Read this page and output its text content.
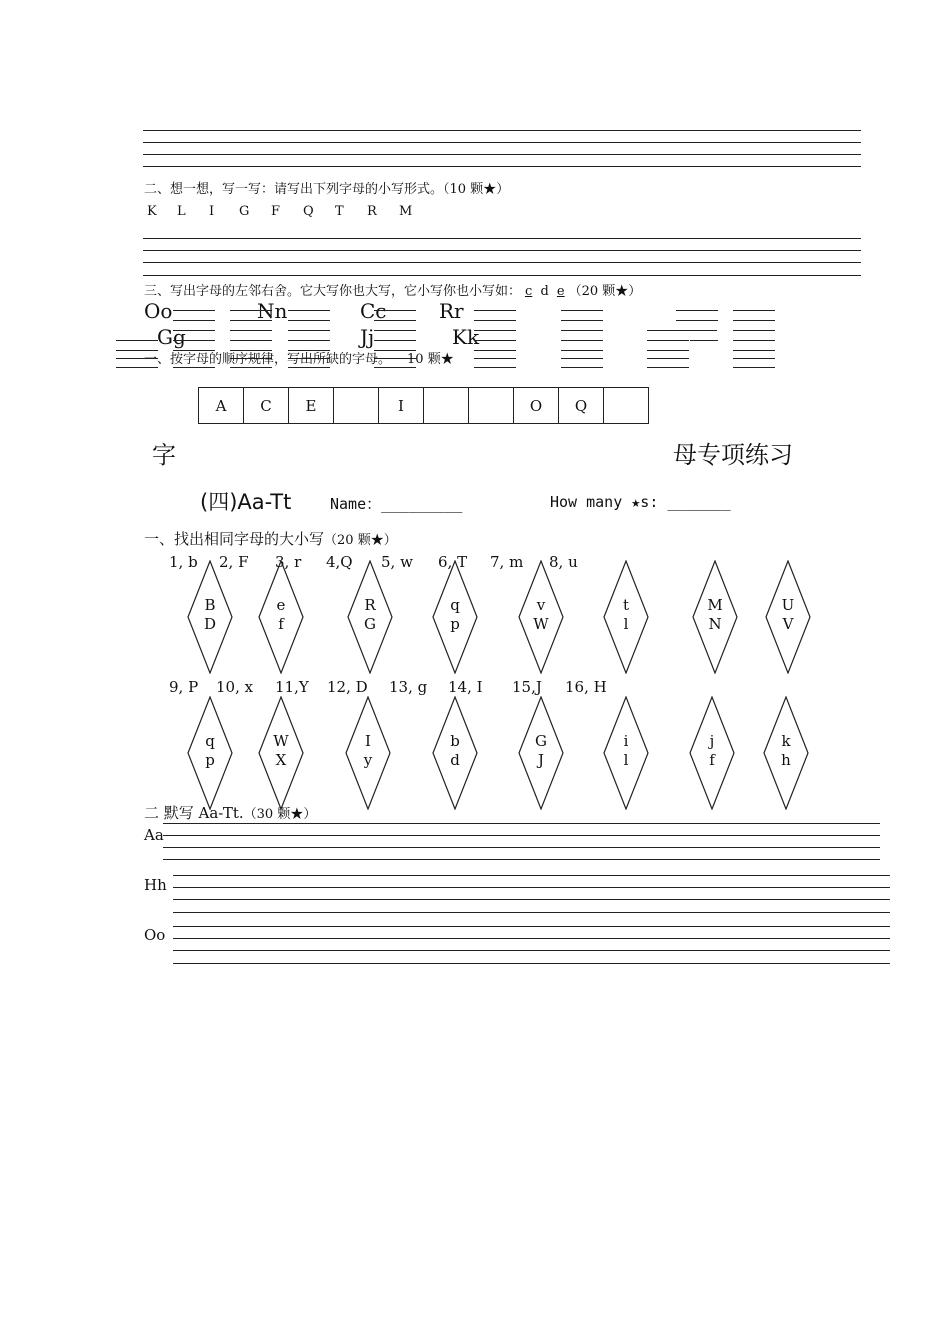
二、想一想，写一写：请写出下列字母的小写形式。（10 颗★）
K L I G F Q T R M
三、写出字母的左邻右舍。它大写你也大写，它小写你也小写如： c d e （20 颗★）
Oo	Nn	Cc	Rr
Gg	Jj	Kk
一、按字母的顺序规律，写出所缺的字母。 10 颗★
A	C	E		I			O	Q	
字	母专项练习
(四)Aa-Tt	Name：_________	How many ★s: _______
一、找出相同字母的大小写（20 颗★）
1, b 2, F 3, r 4,Q 5, w 6, T 7, m 8, u
B
D
e
f
R
G
q
p
v
W
t
l
M
N
U
V
9, P 10, x 11,Y 12, D 13, g 14, I 15,J 16, H
q
p
W
X
I
y
b
d
G
J
i
l
j
f
k
h
二 默写 Aa-Tt.（30 颗★）
Aa
Hh
Oo
